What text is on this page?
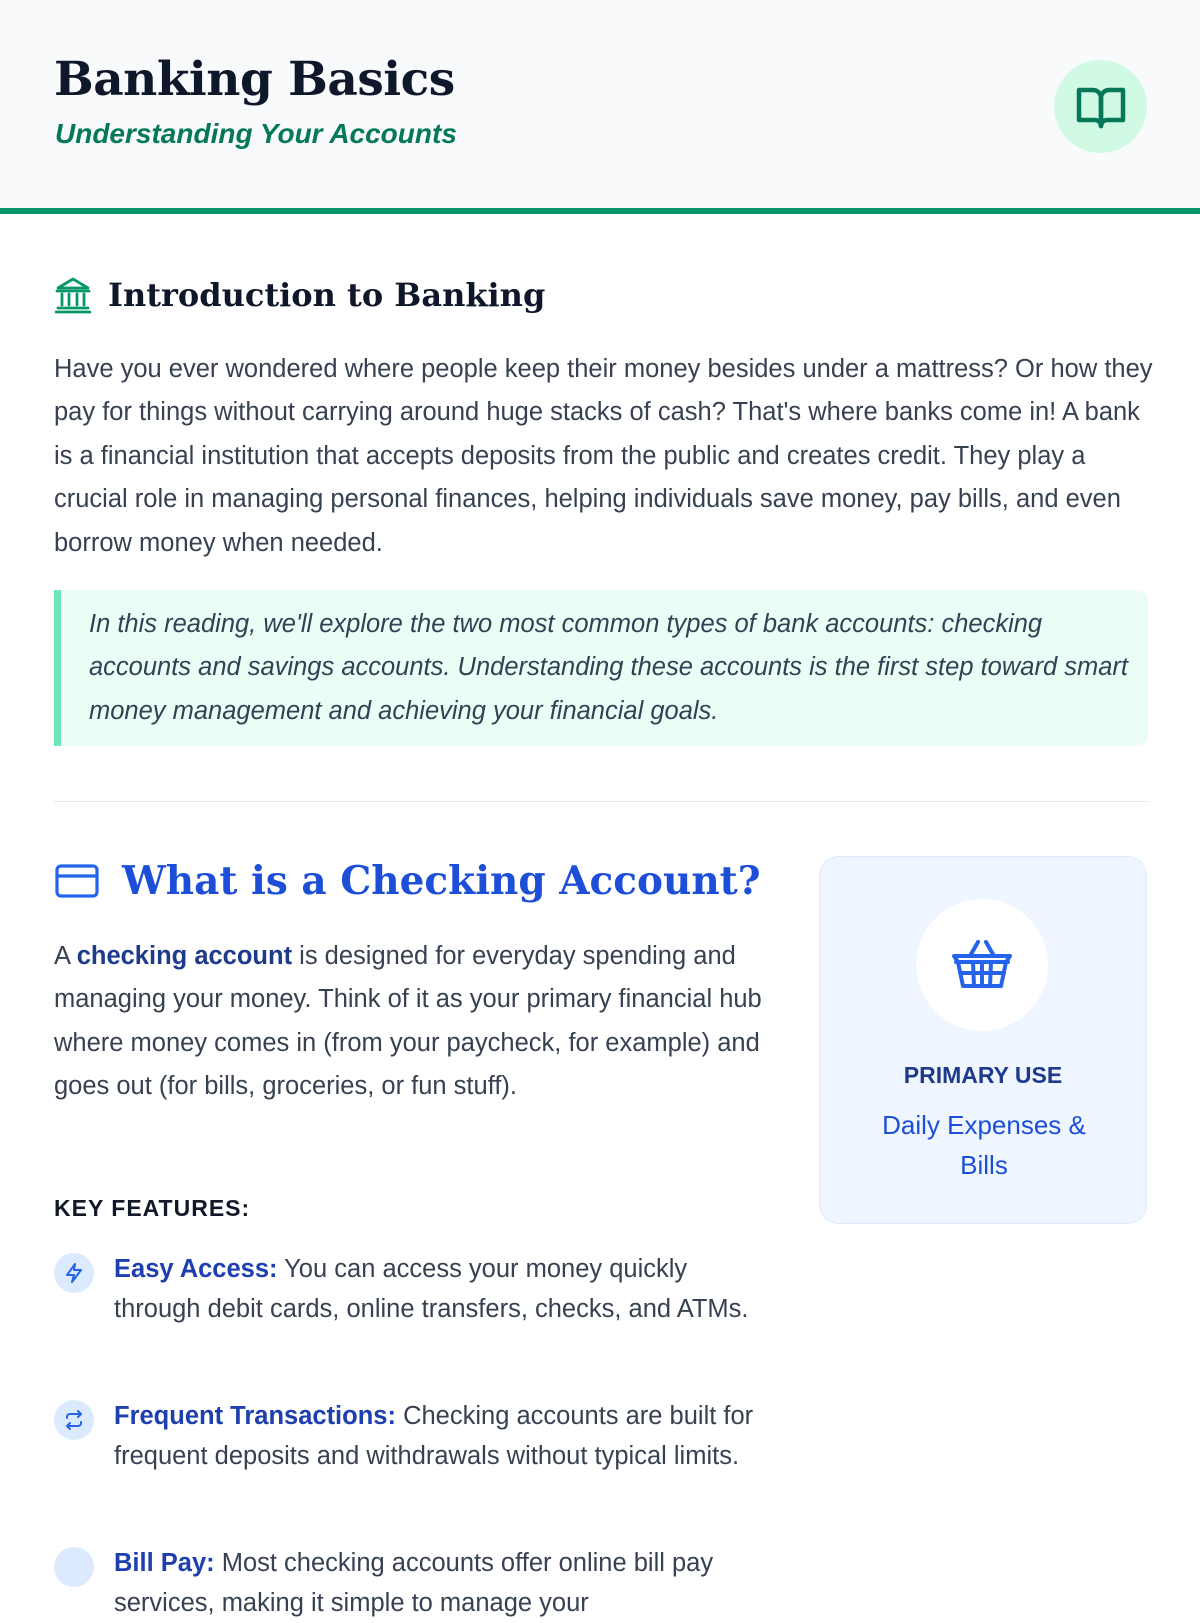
Banking Basics

Understanding Your Accounts

Introduction to Banking

Have you ever wondered where people keep their money besides under a mattress? Or how they pay for things without carrying around huge stacks of cash? That's where banks come in! A bank is a financial institution that accepts deposits from the public and creates credit. They play a crucial role in managing personal finances, helping individuals save money, pay bills, and even borrow money when needed.

In this reading, we'll explore the two most common types of bank accounts: checking accounts and savings accounts. Understanding these accounts is the first step toward smart money management and achieving your financial goals.

What is a Checking Account?

A checking account is designed for everyday spending and managing your money. Think of it as your primary financial hub where money comes in (from your paycheck, for example) and goes out (for bills, groceries, or fun stuff).

KEY FEATURES:

Easy Access: You can access your money quickly through debit cards, online transfers, checks, and ATMs.

Frequent Transactions: Checking accounts are built for frequent deposits and withdrawals without typical limits.

Bill Pay: Most checking accounts offer online bill pay services, making it simple to manage your

PRIMARY USE

Daily Expenses & Bills
